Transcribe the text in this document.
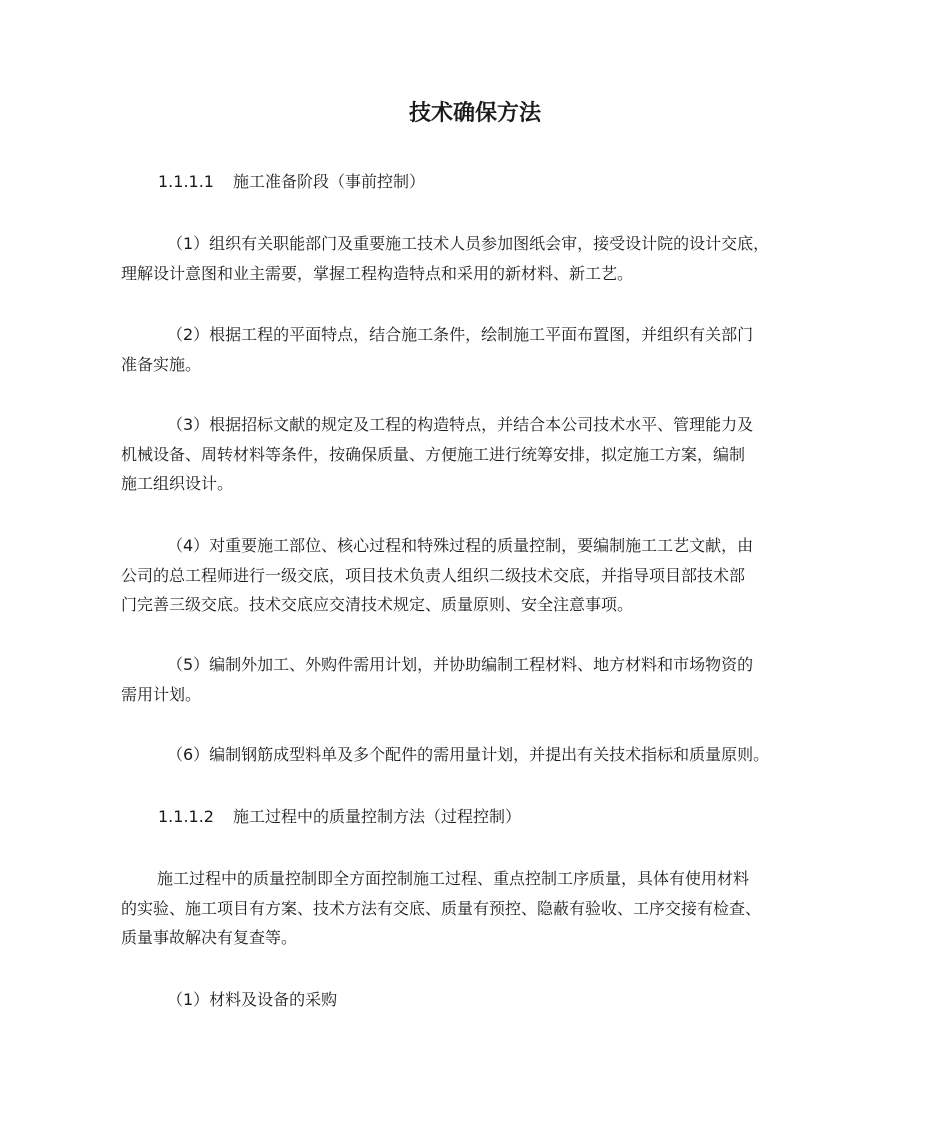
技术确保方法
1.1.1.1 施工准备阶段（事前控制）
（1）组织有关职能部门及重要施工技术人员参加图纸会审，接受设计院的设计交底，
理解设计意图和业主需要，掌握工程构造特点和采用的新材料、新工艺。
（2）根据工程的平面特点，结合施工条件，绘制施工平面布置图，并组织有关部门
准备实施。
（3）根据招标文献的规定及工程的构造特点，并结合本公司技术水平、管理能力及
机械设备、周转材料等条件，按确保质量、方便施工进行统筹安排，拟定施工方案，编制
施工组织设计。
（4）对重要施工部位、核心过程和特殊过程的质量控制，要编制施工工艺文献，由
公司的总工程师进行一级交底，项目技术负责人组织二级技术交底，并指导项目部技术部
门完善三级交底。技术交底应交清技术规定、质量原则、安全注意事项。
（5）编制外加工、外购件需用计划，并协助编制工程材料、地方材料和市场物资的
需用计划。
（6）编制钢筋成型料单及多个配件的需用量计划，并提出有关技术指标和质量原则。
1.1.1.2 施工过程中的质量控制方法（过程控制）
施工过程中的质量控制即全方面控制施工过程、重点控制工序质量，具体有使用材料
的实验、施工项目有方案、技术方法有交底、质量有预控、隐蔽有验收、工序交接有检查、
质量事故解决有复查等。
（1）材料及设备的采购
